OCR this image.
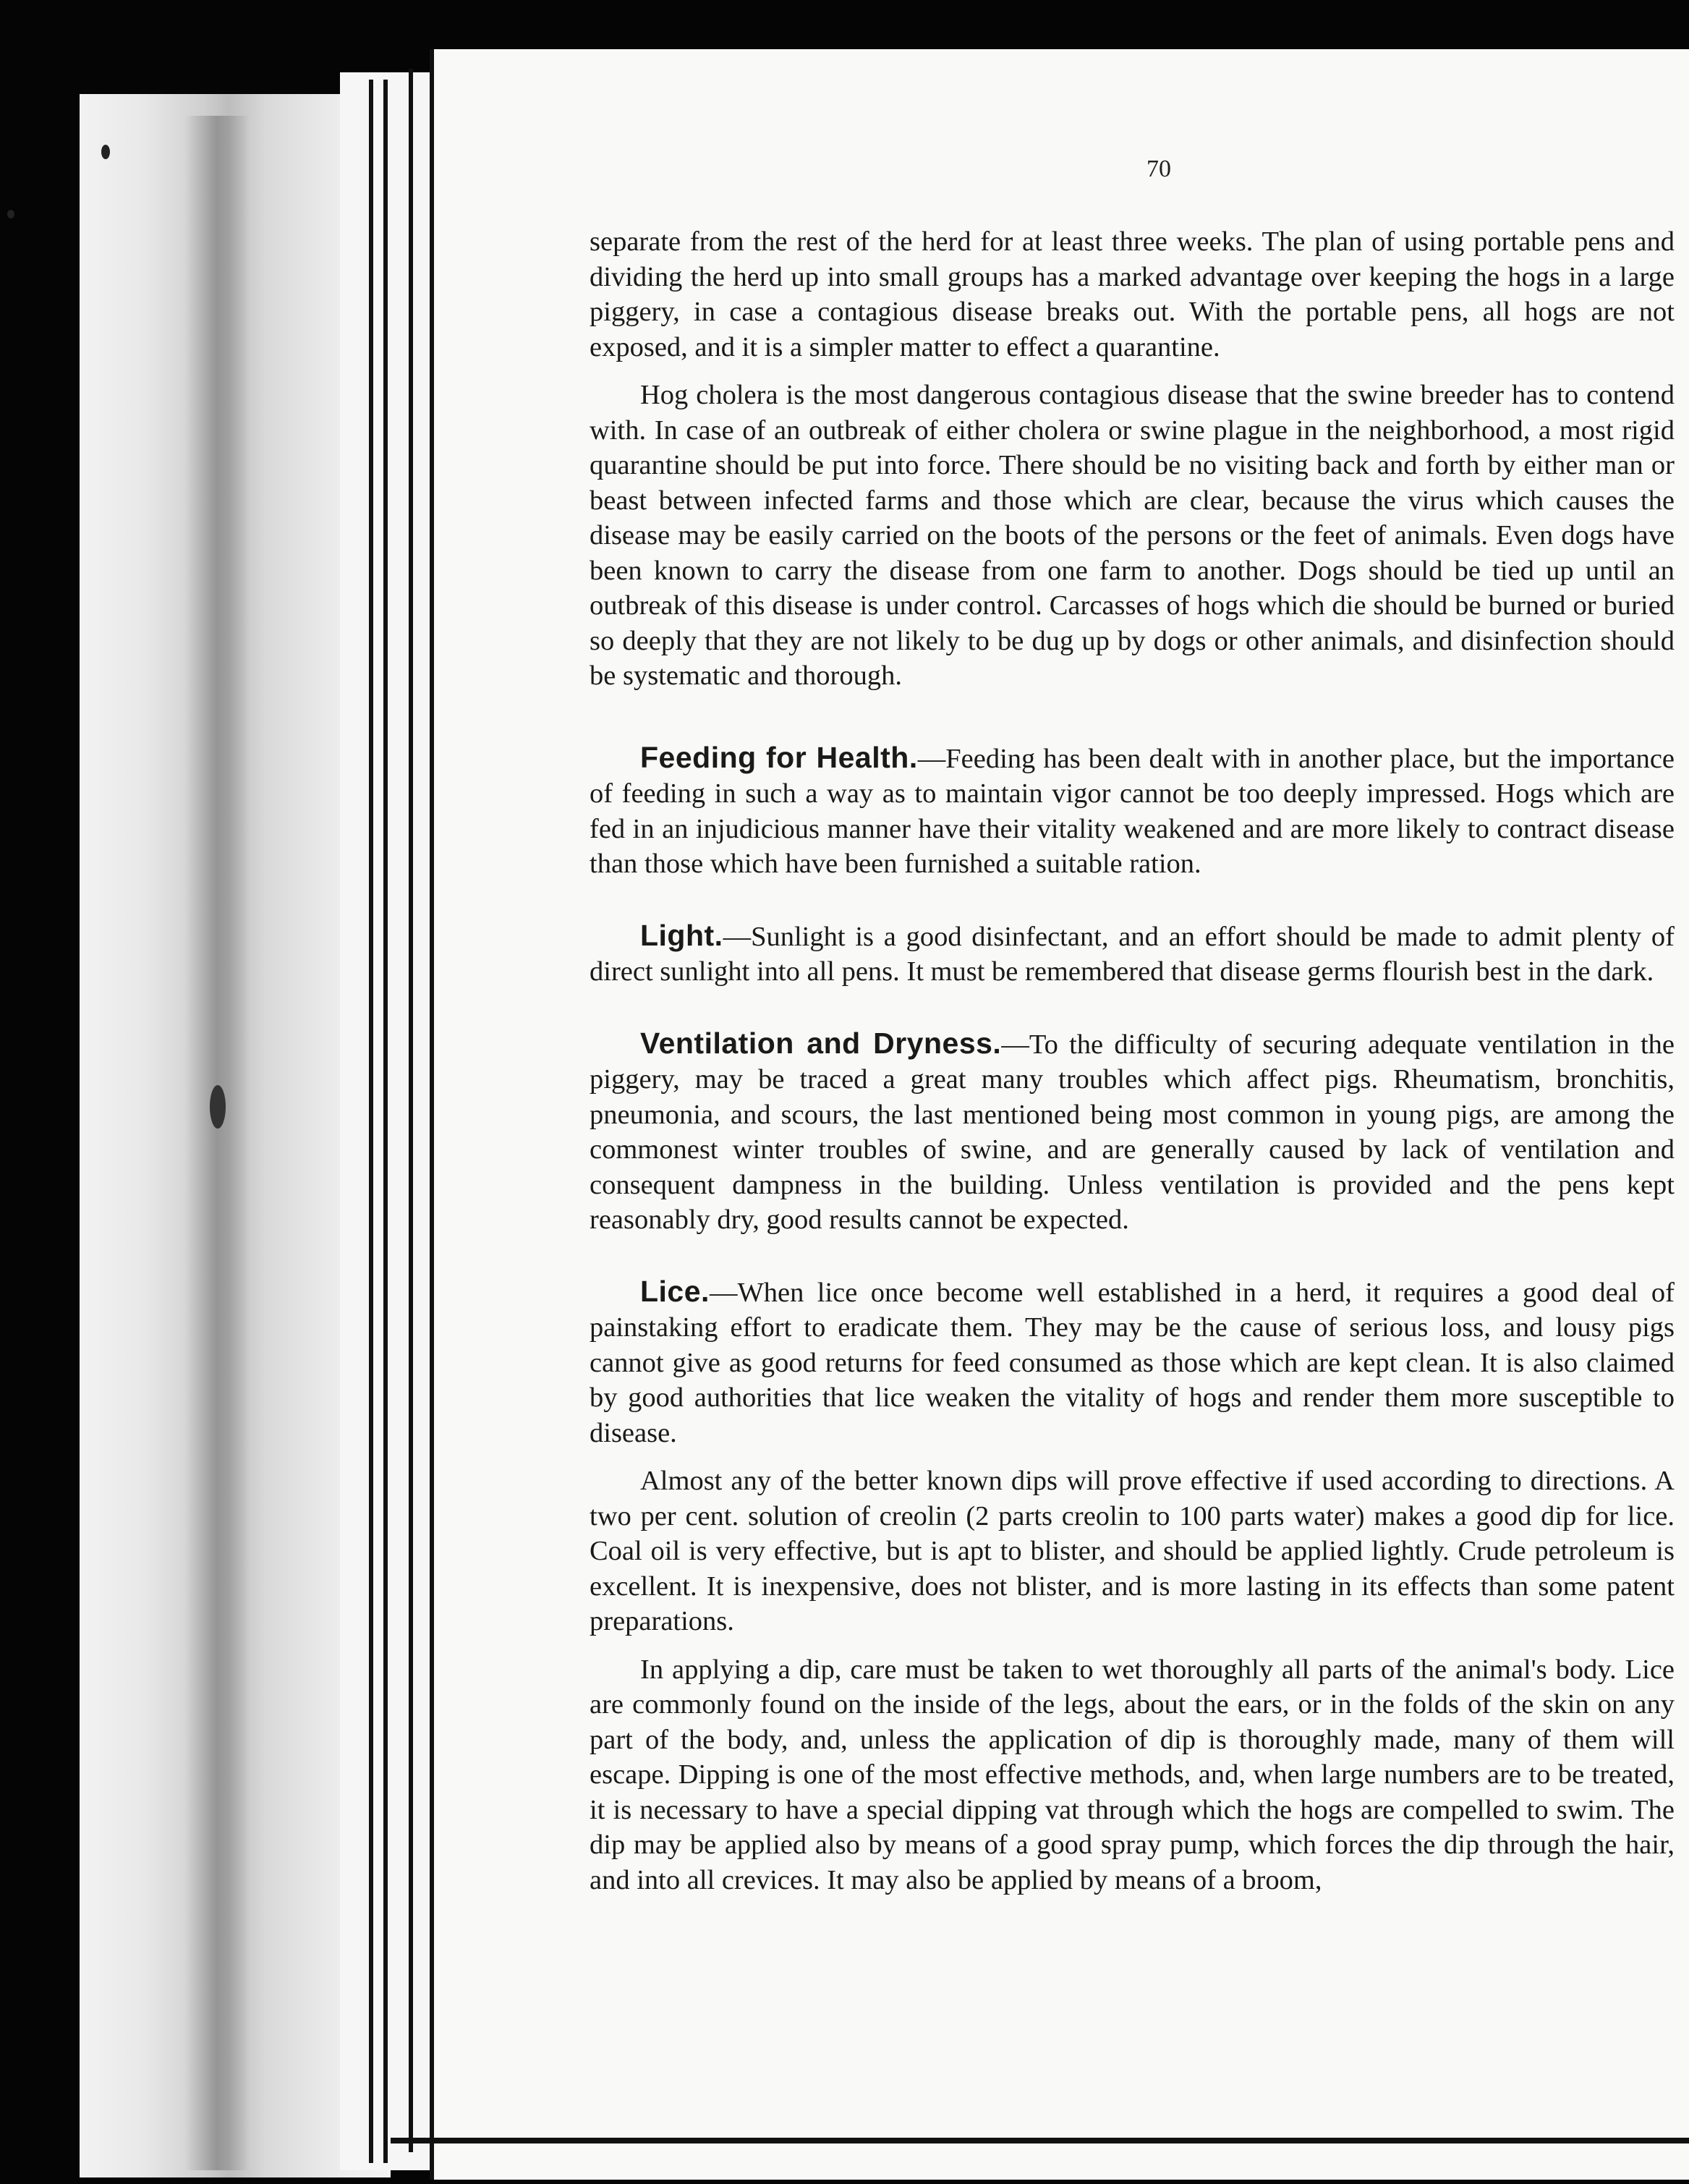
70

separate from the rest of the herd for at least three weeks. The plan of using portable pens and dividing the herd up into small groups has a marked advantage over keeping the hogs in a large piggery, in case a contagious disease breaks out. With the portable pens, all hogs are not exposed, and it is a simpler matter to effect a quarantine.

Hog cholera is the most dangerous contagious disease that the swine breeder has to contend with. In case of an outbreak of either cholera or swine plague in the neighborhood, a most rigid quarantine should be put into force. There should be no visiting back and forth by either man or beast between infected farms and those which are clear, because the virus which causes the disease may be easily carried on the boots of the persons or the feet of animals. Even dogs have been known to carry the disease from one farm to another. Dogs should be tied up until an outbreak of this disease is under control. Carcasses of hogs which die should be burned or buried so deeply that they are not likely to be dug up by dogs or other animals, and disinfection should be systematic and thorough.

Feeding for Health.—Feeding has been dealt with in another place, but the importance of feeding in such a way as to maintain vigor cannot be too deeply impressed. Hogs which are fed in an injudicious manner have their vitality weakened and are more likely to contract disease than those which have been furnished a suitable ration.

Light.—Sunlight is a good disinfectant, and an effort should be made to admit plenty of direct sunlight into all pens. It must be remembered that disease germs flourish best in the dark.

Ventilation and Dryness.—To the difficulty of securing adequate ventilation in the piggery, may be traced a great many troubles which affect pigs. Rheumatism, bronchitis, pneumonia, and scours, the last mentioned being most common in young pigs, are among the commonest winter troubles of swine, and are generally caused by lack of ventilation and consequent dampness in the building. Unless ventilation is provided and the pens kept reasonably dry, good results cannot be expected.

Lice.—When lice once become well established in a herd, it requires a good deal of painstaking effort to eradicate them. They may be the cause of serious loss, and lousy pigs cannot give as good returns for feed consumed as those which are kept clean. It is also claimed by good authorities that lice weaken the vitality of hogs and render them more susceptible to disease.

Almost any of the better known dips will prove effective if used according to directions. A two per cent. solution of creolin (2 parts creolin to 100 parts water) makes a good dip for lice. Coal oil is very effective, but is apt to blister, and should be applied lightly. Crude petroleum is excellent. It is inexpensive, does not blister, and is more lasting in its effects than some patent preparations.

In applying a dip, care must be taken to wet thoroughly all parts of the animal's body. Lice are commonly found on the inside of the legs, about the ears, or in the folds of the skin on any part of the body, and, unless the application of dip is thoroughly made, many of them will escape. Dipping is one of the most effective methods, and, when large numbers are to be treated, it is necessary to have a special dipping vat through which the hogs are compelled to swim. The dip may be applied also by means of a good spray pump, which forces the dip through the hair, and into all crevices. It may also be applied by means of a broom,
